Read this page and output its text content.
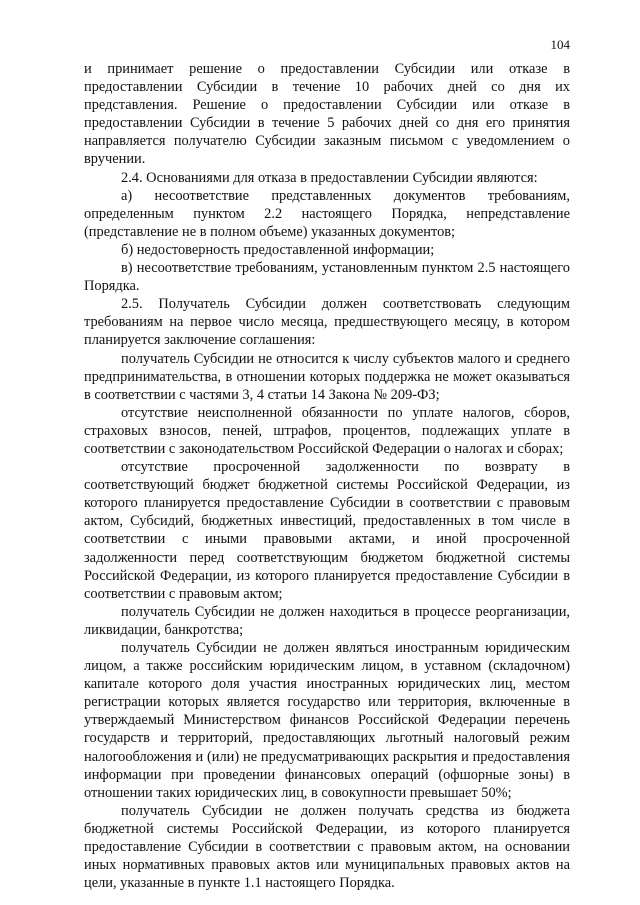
104

и принимает решение о предоставлении Субсидии или отказе в предоставлении Субсидии в течение 10 рабочих дней со дня их представления. Решение о предоставлении Субсидии или отказе в предоставлении Субсидии в течение 5 рабочих дней со дня его принятия направляется получателю Субсидии заказным письмом с уведомлением о вручении.

2.4. Основаниями для отказа в предоставлении Субсидии являются:

а) несоответствие представленных документов требованиям, определенным пунктом 2.2 настоящего Порядка, непредставление (представление не в полном объеме) указанных документов;

б) недостоверность предоставленной информации;

в) несоответствие требованиям, установленным пунктом 2.5 настоящего Порядка.

2.5. Получатель Субсидии должен соответствовать следующим требованиям на первое число месяца, предшествующего месяцу, в котором планируется заключение соглашения:

получатель Субсидии не относится к числу субъектов малого и среднего предпринимательства, в отношении которых поддержка не может оказываться в соответствии с частями 3, 4 статьи 14 Закона № 209-ФЗ;

отсутствие неисполненной обязанности по уплате налогов, сборов, страховых взносов, пеней, штрафов, процентов, подлежащих уплате в соответствии с законодательством Российской Федерации о налогах и сборах;

отсутствие просроченной задолженности по возврату в соответствующий бюджет бюджетной системы Российской Федерации, из которого планируется предоставление Субсидии в соответствии с правовым актом, Субсидий, бюджетных инвестиций, предоставленных в том числе в соответствии с иными правовыми актами, и иной просроченной задолженности перед соответствующим бюджетом бюджетной системы Российской Федерации, из которого планируется предоставление Субсидии в соответствии с правовым актом;

получатель Субсидии не должен находиться в процессе реорганизации, ликвидации, банкротства;

получатель Субсидии не должен являться иностранным юридическим лицом, а также российским юридическим лицом, в уставном (складочном) капитале которого доля участия иностранных юридических лиц, местом регистрации которых является государство или территория, включенные в утверждаемый Министерством финансов Российской Федерации перечень государств и территорий, предоставляющих льготный налоговый режим налогообложения и (или) не предусматривающих раскрытия и предоставления информации при проведении финансовых операций (офшорные зоны) в отношении таких юридических лиц, в совокупности превышает 50%;

получатель Субсидии не должен получать средства из бюджета бюджетной системы Российской Федерации, из которого планируется предоставление Субсидии в соответствии с правовым актом, на основании иных нормативных правовых актов или муниципальных правовых актов на цели, указанные в пункте 1.1 настоящего Порядка.
